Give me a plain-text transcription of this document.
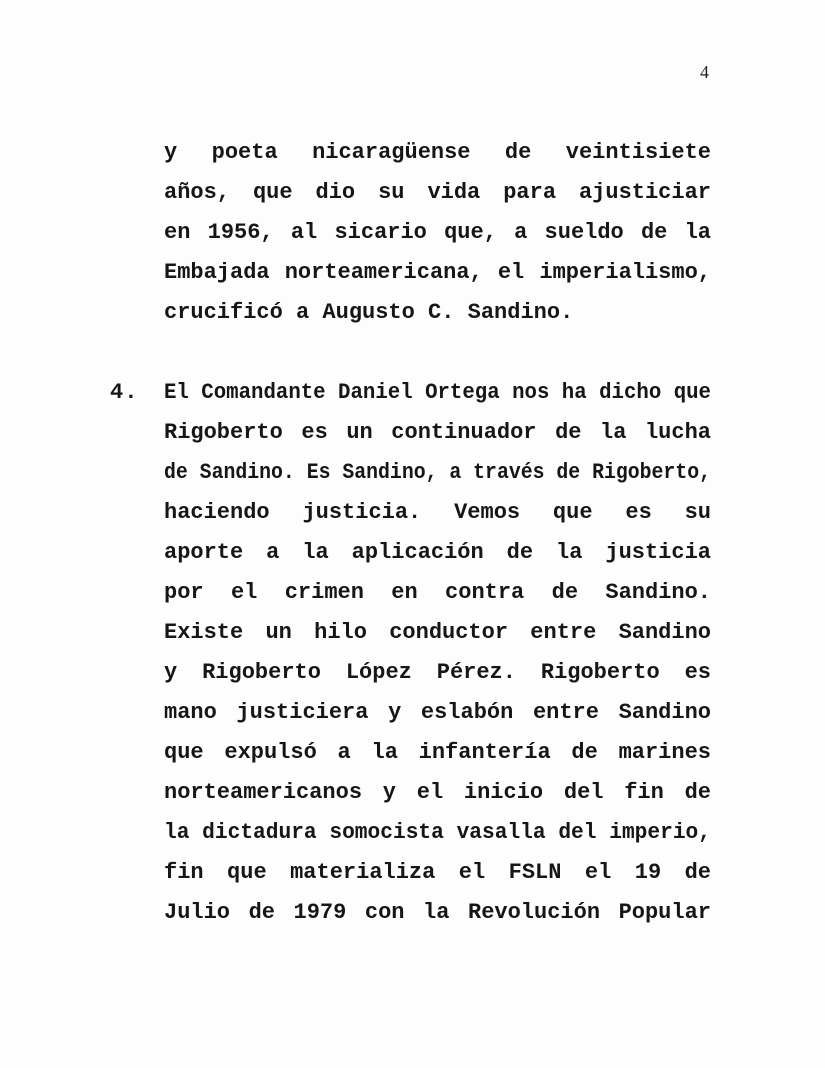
4
4.
y poeta nicaragüense de veintisiete
años, que dio su vida para ajusticiar
en 1956, al sicario que, a sueldo de la
Embajada norteamericana, el imperialismo,
crucificó a Augusto C. Sandino.
El Comandante Daniel Ortega nos ha dicho que
Rigoberto es un continuador de la lucha
de Sandino. Es Sandino, a través de Rigoberto,
haciendo justicia. Vemos que es su
aporte a la aplicación de la justicia
por el crimen en contra de Sandino.
Existe un hilo conductor entre Sandino
y Rigoberto López Pérez. Rigoberto es
mano justiciera y eslabón entre Sandino
que expulsó a la infantería de marines
norteamericanos y el inicio del fin de
la dictadura somocista vasalla del imperio,
fin que materializa el FSLN el 19 de
Julio de 1979 con la Revolución Popular
